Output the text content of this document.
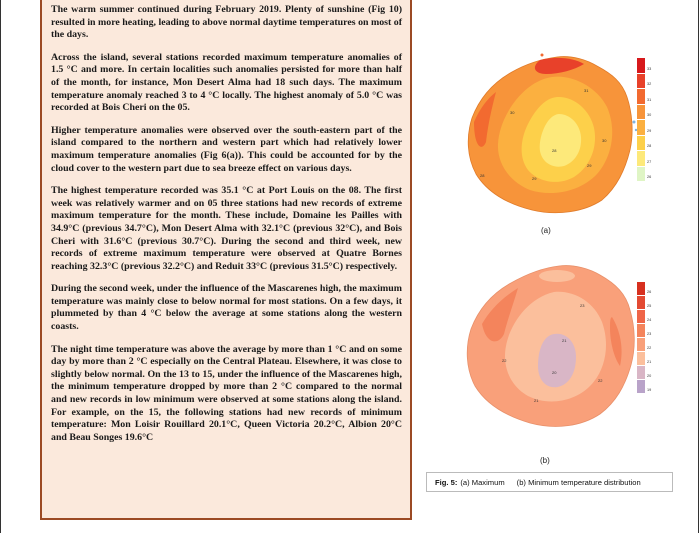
The warm summer continued during February 2019. Plenty of sunshine (Fig 10) resulted in more heating, leading to above normal daytime temperatures on most of the days.

Across the island, several stations recorded maximum temperature anomalies of 1.5 °C and more. In certain localities such anomalies persisted for more than half of the month, for instance, Mon Desert Alma had 18 such days. The maximum temperature anomaly reached 3 to 4 °C locally. The highest anomaly of 5.0 °C was recorded at Bois Cheri on the 05.

Higher temperature anomalies were observed over the south-eastern part of the island compared to the northern and western part which had relatively lower maximum temperature anomalies (Fig 6(a)). This could be accounted for by the cloud cover to the western part due to sea breeze effect on various days.

The highest temperature recorded was 35.1 °C at Port Louis on the 08. The first week was relatively warmer and on 05 three stations had new records of extreme maximum temperature for the month. These include, Domaine les Pailles with 34.9°C (previous 34.7°C), Mon Desert Alma with 32.1°C (previous 32°C), and Bois Cheri with 31.6°C (previous 30.7°C). During the second and third week, new records of extreme maximum temperature were observed at Quatre Bornes reaching 32.3°C (previous 32.2°C) and Reduit 33°C (previous 31.5°C) respectively.

During the second week, under the influence of the Mascarenes high, the maximum temperature was mainly close to below normal for most stations. On a few days, it plummeted by than 4 °C below the average at some stations along the western coasts.

The night time temperature was above the average by more than 1 °C and on some day by more than 2 °C especially on the Central Plateau. Elsewhere, it was close to slightly below normal. On the 13 to 15, under the influence of the Mascarenes high, the minimum temperature dropped by more than 2 °C compared to the normal and new records in low minimum were observed at some stations along the island. For example, on the 15, the following stations had new records of minimum temperature: Mon Loisir Rouillard 20.1°C, Queen Victoria 20.2°C, Albion 20°C and Beau Songes 19.6°C

31
30
30
29
29
28
28
33
32
31
30
29
28
27
26
(a)
23
22
21
22
21
20
26
25
24
23
22
21
20
19
(b)
Fig. 5: (a) Maximum (b) Minimum temperature distribution
